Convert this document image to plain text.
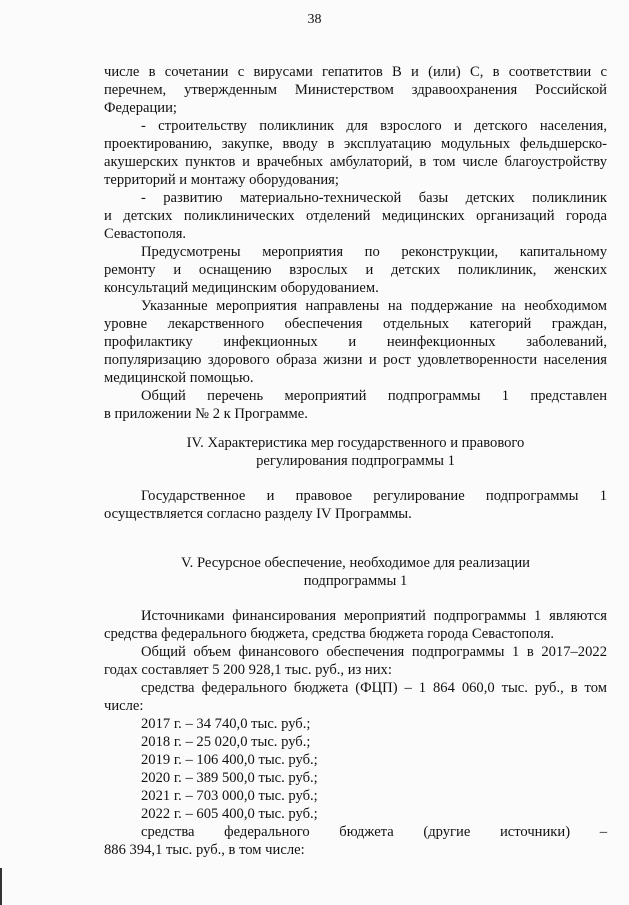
38
числе в сочетании с вирусами гепатитов В и (или) С, в соответствии с
перечнем, утвержденным Министерством здравоохранения Российской
Федерации;
- строительству поликлиник для взрослого и детского населения,
проектированию, закупке, вводу в эксплуатацию модульных фельдшерско-
акушерских пунктов и врачебных амбулаторий, в том числе благоустройству
территорий и монтажу оборудования;
- развитию материально-технической базы детских поликлиник
и детских поликлинических отделений медицинских организаций города
Севастополя.
Предусмотрены мероприятия по реконструкции, капитальному
ремонту и оснащению взрослых и детских поликлиник, женских
консультаций медицинским оборудованием.
Указанные мероприятия направлены на поддержание на необходимом
уровне лекарственного обеспечения отдельных категорий граждан,
профилактику инфекционных и неинфекционных заболеваний,
популяризацию здорового образа жизни и рост удовлетворенности населения
медицинской помощью.
Общий перечень мероприятий подпрограммы 1 представлен
в приложении № 2 к Программе.
IV. Характеристика мер государственного и правового
регулирования подпрограммы 1
Государственное и правовое регулирование подпрограммы 1
осуществляется согласно разделу IV Программы.
V. Ресурсное обеспечение, необходимое для реализации
подпрограммы 1
Источниками финансирования мероприятий подпрограммы 1 являются
средства федерального бюджета, средства бюджета города Севастополя.
Общий объем финансового обеспечения подпрограммы 1 в 2017–2022
годах составляет 5 200 928,1 тыс. руб., из них:
средства федерального бюджета (ФЦП) – 1 864 060,0 тыс. руб., в том
числе:
2017 г. – 34 740,0 тыс. руб.;
2018 г. – 25 020,0 тыс. руб.;
2019 г. – 106 400,0 тыс. руб.;
2020 г. – 389 500,0 тыс. руб.;
2021 г. – 703 000,0 тыс. руб.;
2022 г. – 605 400,0 тыс. руб.;
средства федерального бюджета (другие источники) –
886 394,1 тыс. руб., в том числе:
